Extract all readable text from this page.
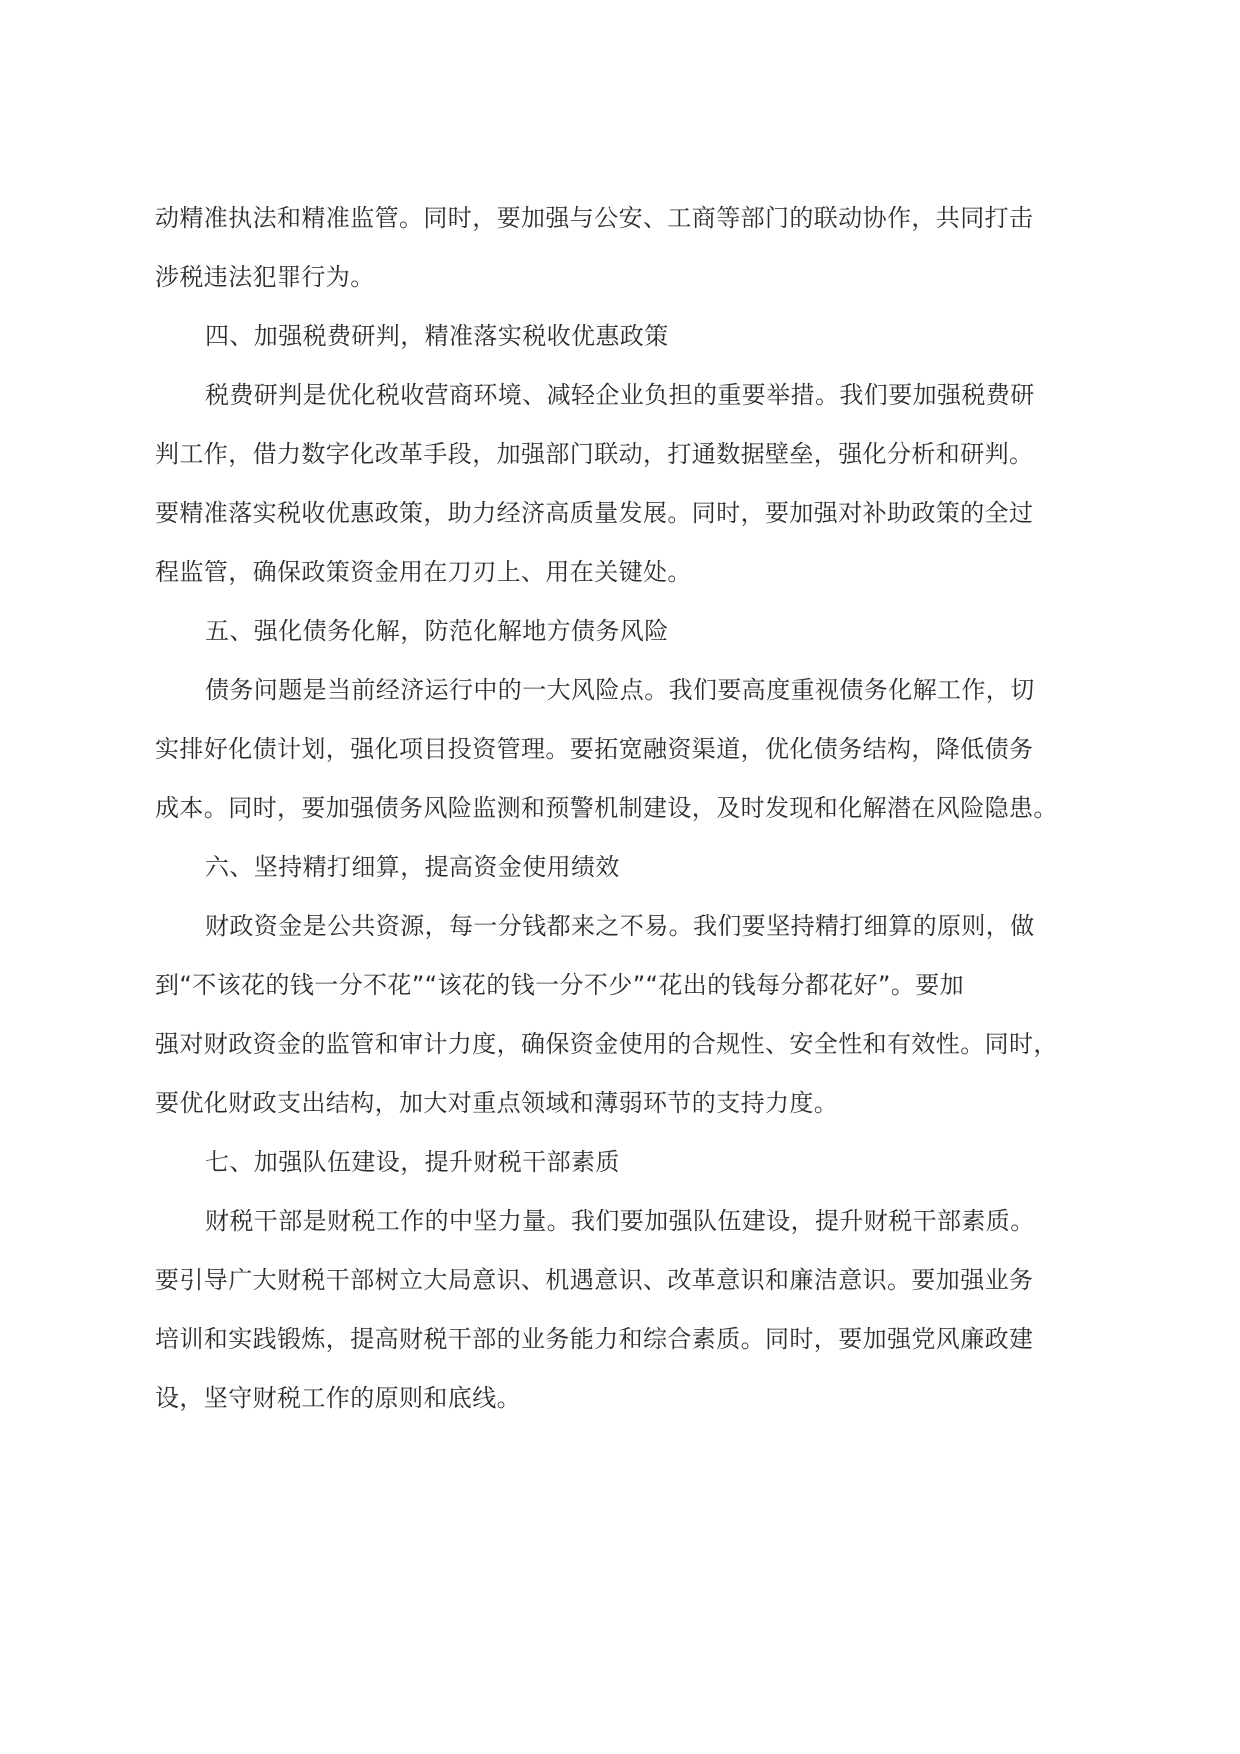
动精准执法和精准监管。同时，要加强与公安、工商等部门的联动协作，共同打击
涉税违法犯罪行为。
四、加强税费研判，精准落实税收优惠政策
税费研判是优化税收营商环境、减轻企业负担的重要举措。我们要加强税费研
判工作，借力数字化改革手段，加强部门联动，打通数据壁垒，强化分析和研判。
要精准落实税收优惠政策，助力经济高质量发展。同时，要加强对补助政策的全过
程监管，确保政策资金用在刀刃上、用在关键处。
五、强化债务化解，防范化解地方债务风险
债务问题是当前经济运行中的一大风险点。我们要高度重视债务化解工作，切
实排好化债计划，强化项目投资管理。要拓宽融资渠道，优化债务结构，降低债务
成本。同时，要加强债务风险监测和预警机制建设，及时发现和化解潜在风险隐患。
六、坚持精打细算，提高资金使用绩效
财政资金是公共资源，每一分钱都来之不易。我们要坚持精打细算的原则，做
到“不该花的钱一分不花”“该花的钱一分不少”“花出的钱每分都花好”。要加
强对财政资金的监管和审计力度，确保资金使用的合规性、安全性和有效性。同时，
要优化财政支出结构，加大对重点领域和薄弱环节的支持力度。
七、加强队伍建设，提升财税干部素质
财税干部是财税工作的中坚力量。我们要加强队伍建设，提升财税干部素质。
要引导广大财税干部树立大局意识、机遇意识、改革意识和廉洁意识。要加强业务
培训和实践锻炼，提高财税干部的业务能力和综合素质。同时，要加强党风廉政建
设，坚守财税工作的原则和底线。
